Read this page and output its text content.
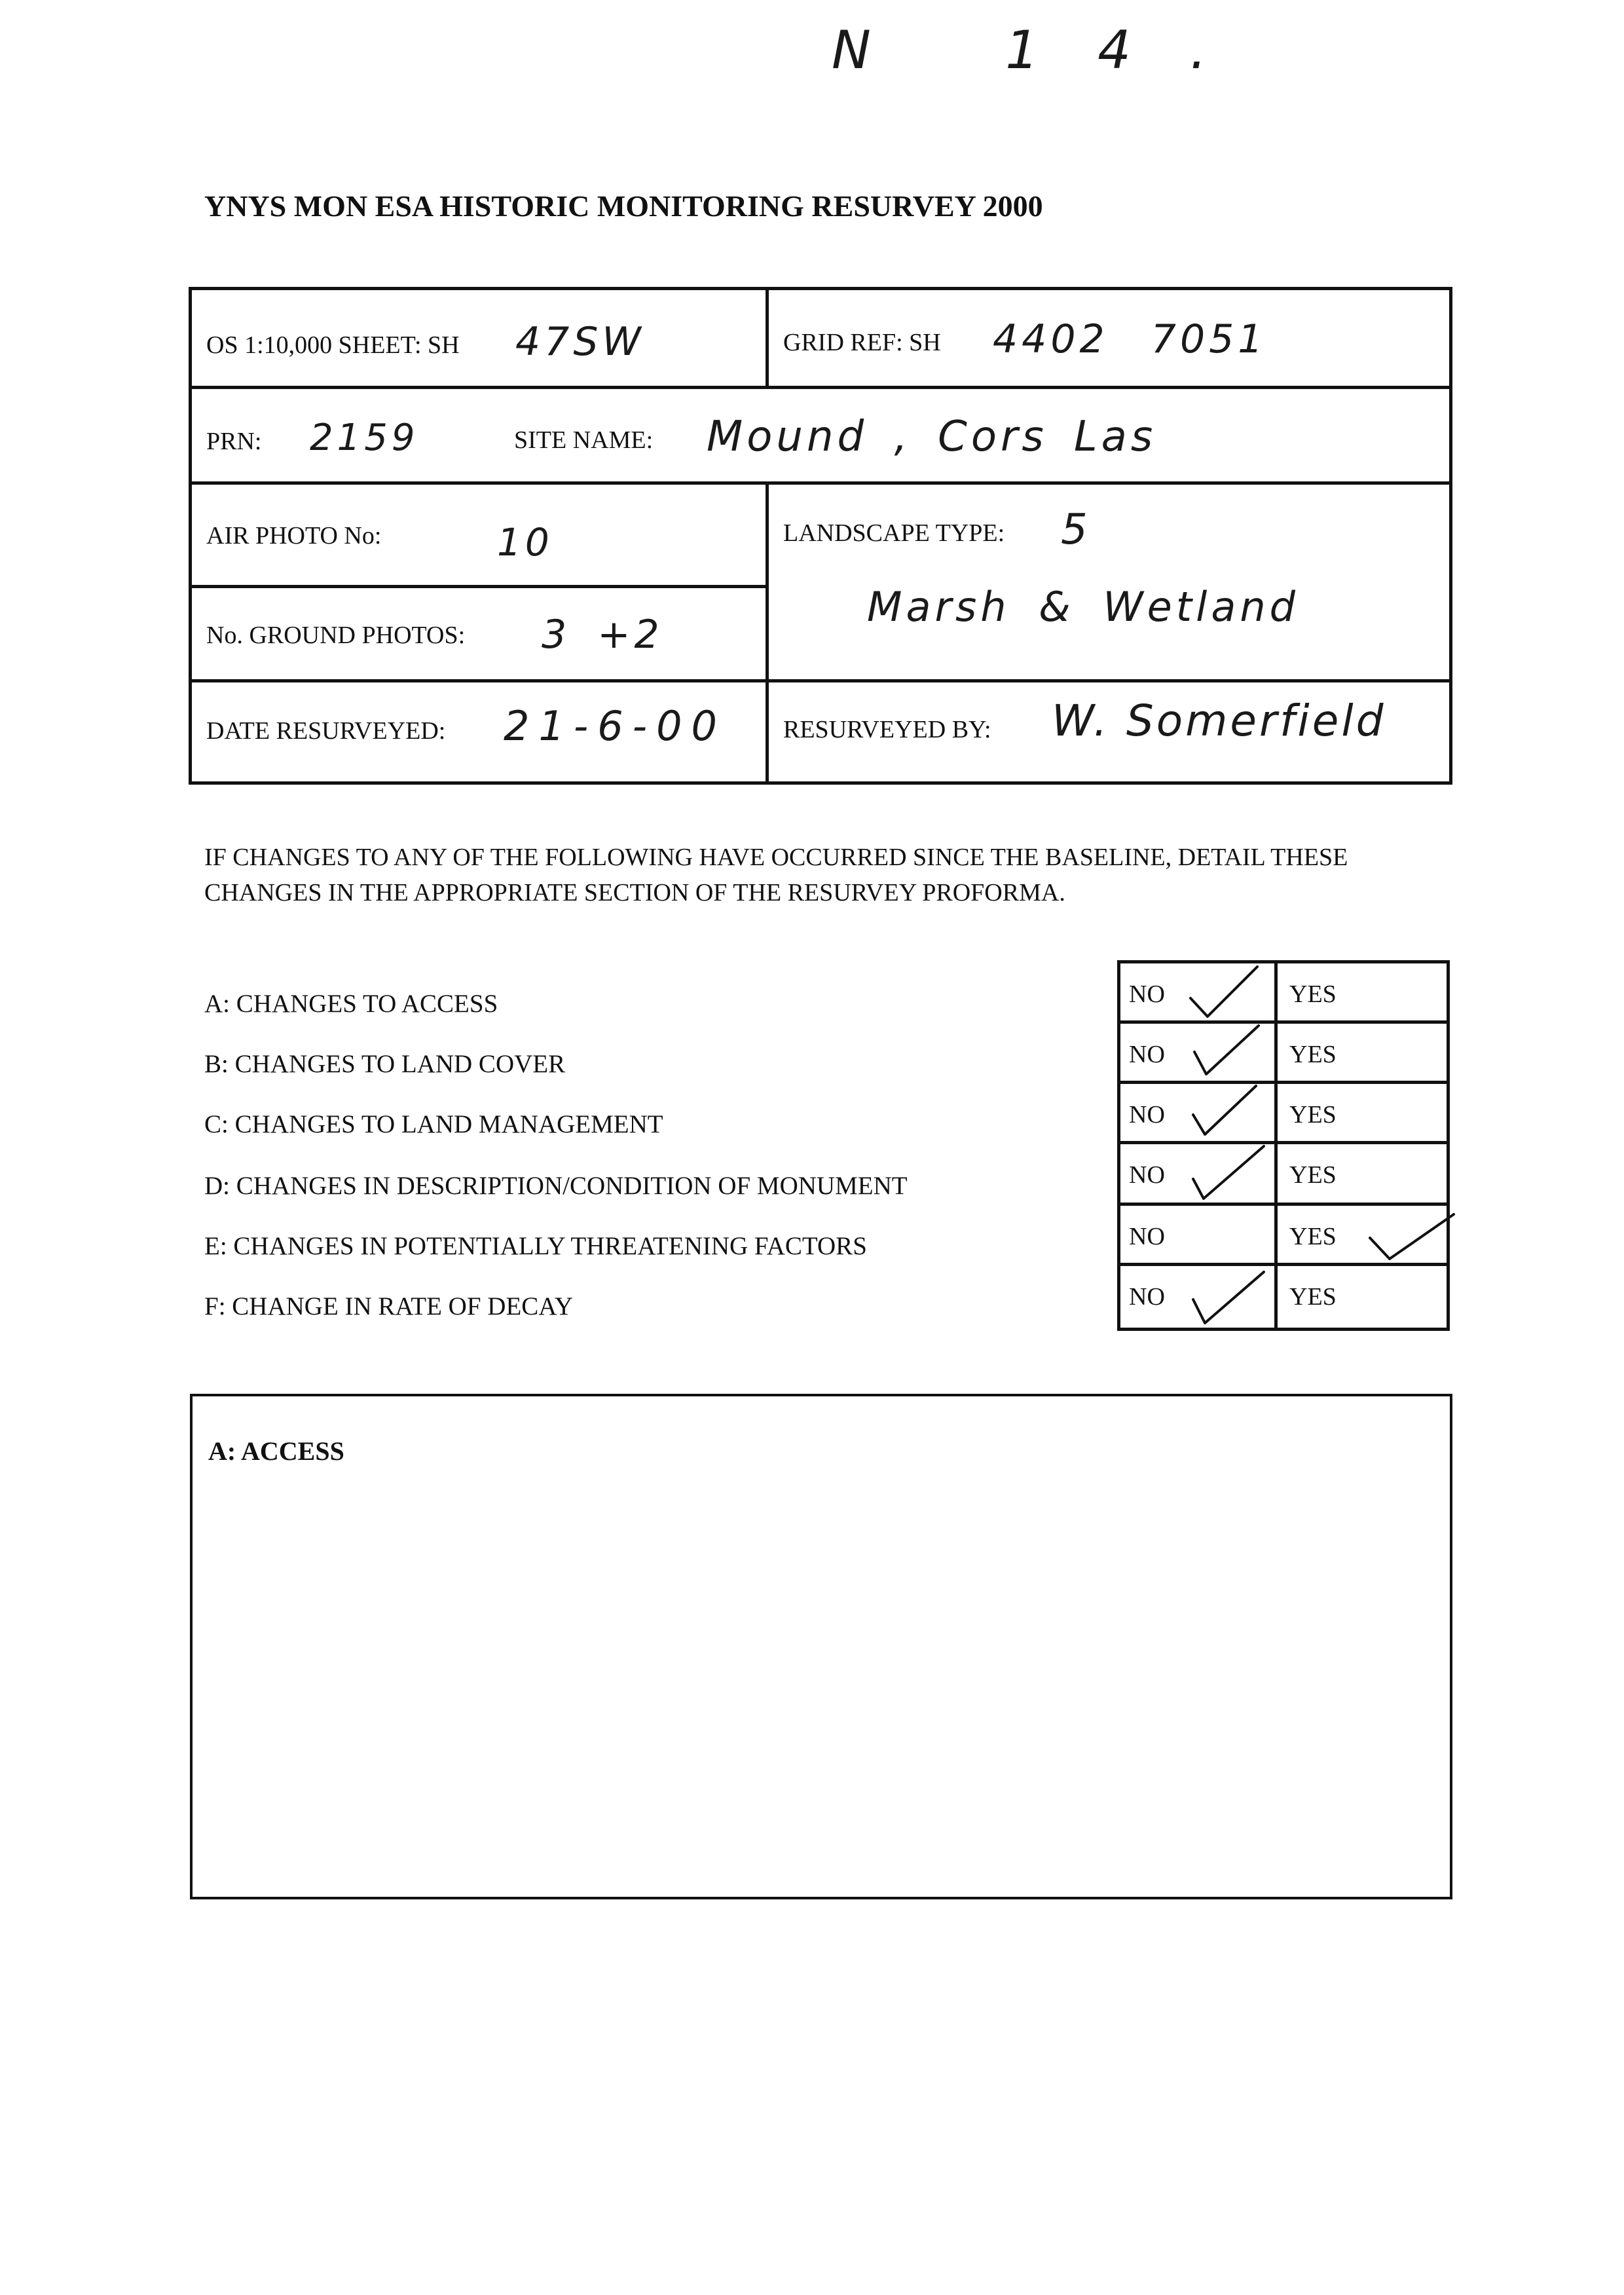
N 14.
YNYS MON ESA HISTORIC MONITORING RESURVEY 2000
OS 1:10,000 SHEET: SH 47SW	GRID REF: SH 4402 7051
PRN: 2159	SITE NAME: Mound , Cors Las
AIR PHOTO No:	10	LANDSCAPE TYPE: 5
Marsh & Wetland
No. GROUND PHOTOS: 3 +2
DATE RESURVEYED: 21-6-00 RESURVEYED BY: W. Somerfield
IF CHANGES TO ANY OF THE FOLLOWING HAVE OCCURRED SINCE THE BASELINE, DETAIL THESE CHANGES IN THE APPROPRIATE SECTION OF THE RESURVEY PROFORMA.
A: CHANGES TO ACCESS
B: CHANGES TO LAND COVER
C: CHANGES TO LAND MANAGEMENT
D: CHANGES IN DESCRIPTION/CONDITION OF MONUMENT
E: CHANGES IN POTENTIALLY THREATENING FACTORS
F: CHANGE IN RATE OF DECAY
NO	YES
NO	YES
NO	YES
NO	YES
NO	YES
NO	YES
A: ACCESS
